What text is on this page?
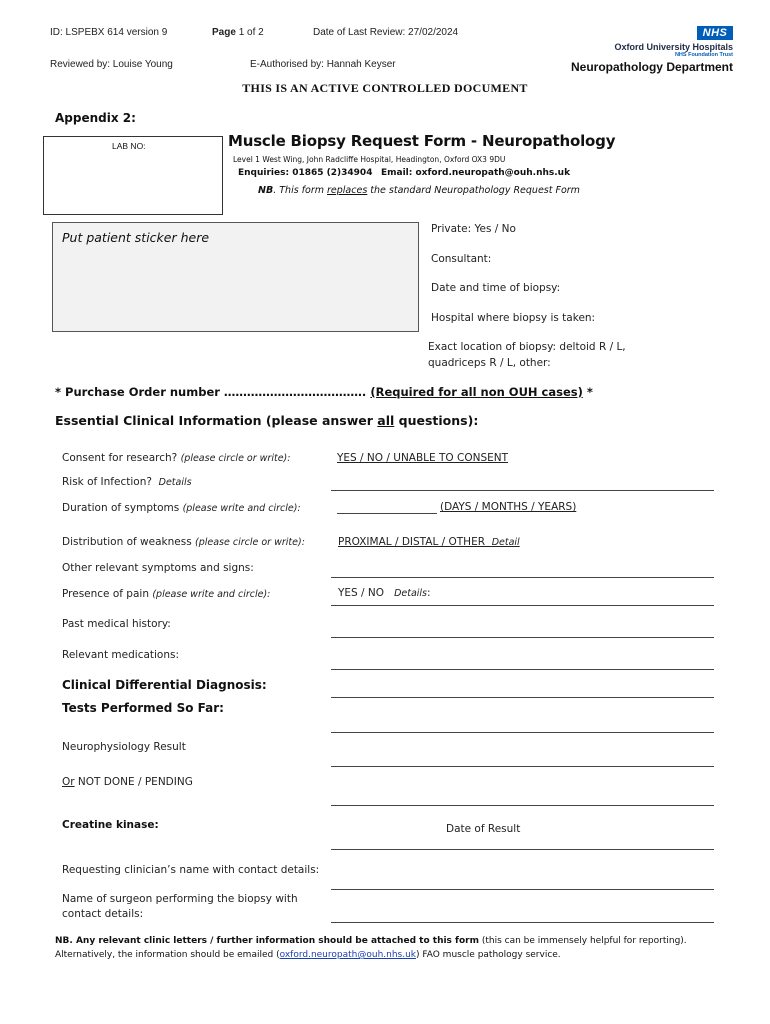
ID: LSPEBX 614 version 9	Page 1 of 2	Date of Last Review: 27/02/2024	NHS
Oxford University Hospitals
NHS Foundation Trust
Reviewed by: Louise Young	E-Authorised by: Hannah Keyser	Neuropathology Department
THIS IS AN ACTIVE CONTROLLED DOCUMENT
Appendix 2:
LAB NO:	Muscle Biopsy Request Form - Neuropathology
Level 1 West Wing, John Radcliffe Hospital, Headington, Oxford OX3 9DU
Enquiries: 01865 (2)34904 Email: oxford.neuropath@ouh.nhs.uk
NB. This form replaces the standard Neuropathology Request Form
Put patient sticker here
Private: Yes / No
Consultant:
Date and time of biopsy:
Hospital where biopsy is taken:
Exact location of biopsy: deltoid R / L,
quadriceps R / L, other:
* Purchase Order number ………………………………. (Required for all non OUH cases) *
Essential Clinical Information (please answer all questions):
Consent for research? (please circle or write):	YES / NO / UNABLE TO CONSENT
Risk of Infection? Details
Duration of symptoms (please write and circle):	(DAYS / MONTHS / YEARS)
Distribution of weakness (please circle or write):	PROXIMAL / DISTAL / OTHER Detail
Other relevant symptoms and signs:
Presence of pain (please write and circle):	YES / NO Details:
Past medical history:
Relevant medications:
Clinical Differential Diagnosis:
Tests Performed So Far:
Neurophysiology Result
Or NOT DONE / PENDING
Creatine kinase:	Date of Result
Requesting clinician’s name with contact details:
Name of surgeon performing the biopsy with
contact details:
NB. Any relevant clinic letters / further information should be attached to this form (this can be immensely helpful for reporting).
Alternatively, the information should be emailed (oxford.neuropath@ouh.nhs.uk) FAO muscle pathology service.
